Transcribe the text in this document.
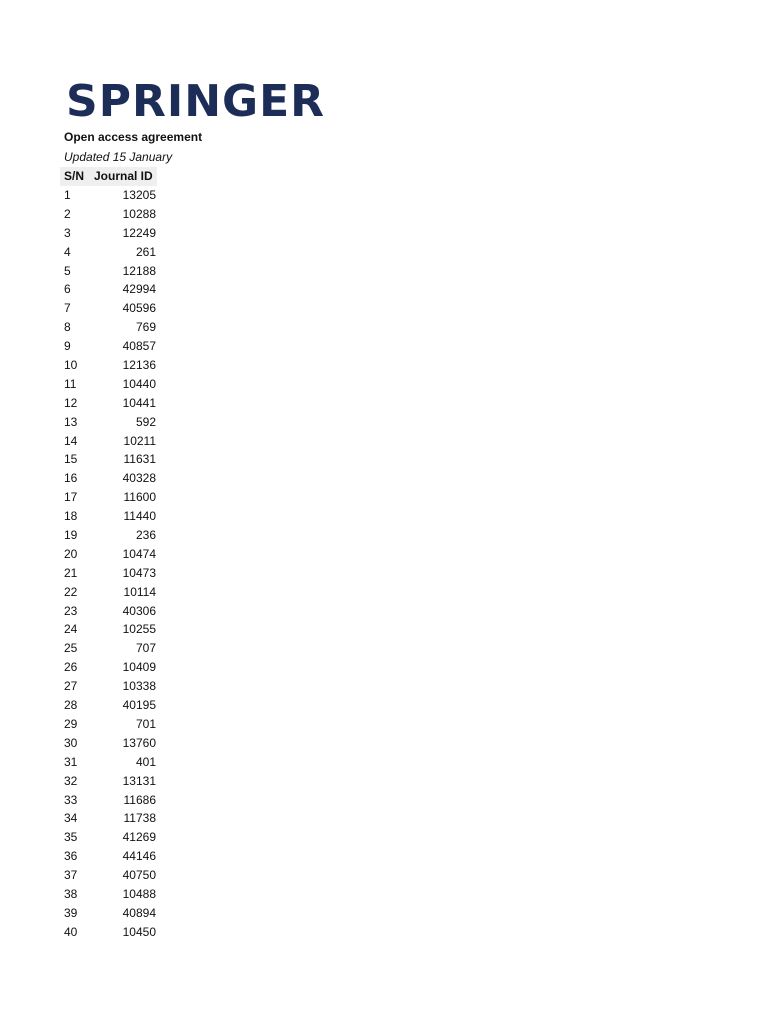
SPRINGER
Open access agreement
Updated 15 January
S/N Journal ID
1	13205
2	10288
3	12249
4	261
5	12188
6	42994
7	40596
8	769
9	40857
10	12136
11	10440
12	10441
13	592
14	10211
15	11631
16	40328
17	11600
18	11440
19	236
20	10474
21	10473
22	10114
23	40306
24	10255
25	707
26	10409
27	10338
28	40195
29	701
30	13760
31	401
32	13131
33	11686
34	11738
35	41269
36	44146
37	40750
38	10488
39	40894
40	10450
